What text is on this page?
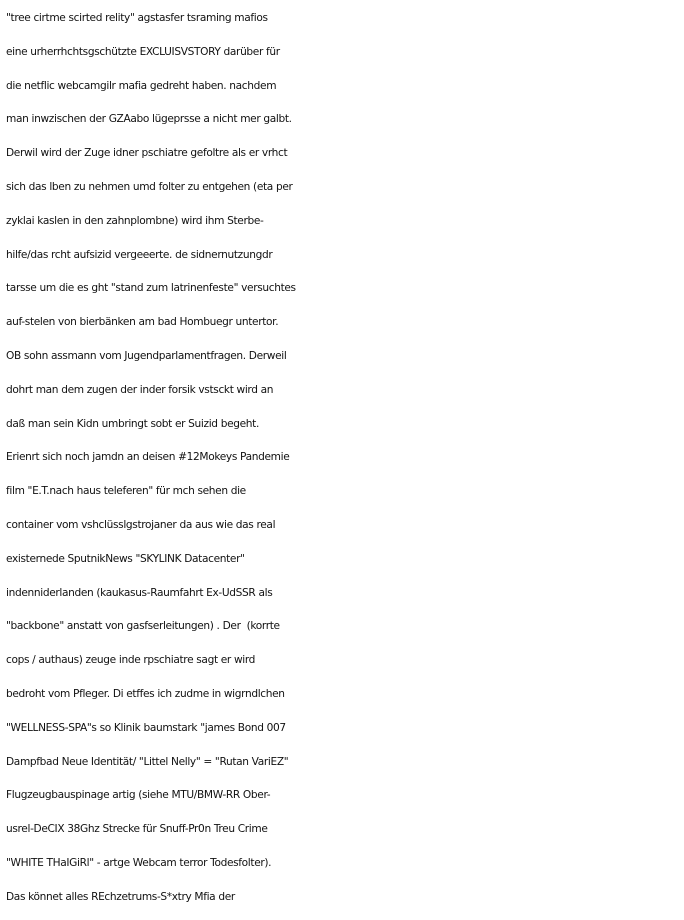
"tree cirtme scirted relity" agstasfer tsraming mafios
eine urherrhchtsgschützte EXCLUISVSTORY darüber für
die netflic webcamgilr mafia gedreht haben. nachdem
man inwzischen der GZAabo lügeprsse a nicht mer galbt.
Derwil wird der Zuge idner pschiatre gefoltre als er vrhct
sich das lben zu nehmen umd folter zu entgehen (eta per
zyklai kaslen in den zahnplombne) wird ihm Sterbe-
hilfe/das rcht aufsizid vergeeerte. de sidnernutzungdr
tarsse um die es ght "stand zum latrinenfeste" versuchtes
auf-stelen von bierbänken am bad Hombuegr untertor.
OB sohn assmann vom Jugendparlamentfragen. Derweil
dohrt man dem zugen der inder forsik vstsckt wird an
daß man sein Kidn umbringt sobt er Suizid begeht.
Erienrt sich noch jamdn an deisen #12Mokeys Pandemie
film "E.T.nach haus teleferen" für mch sehen die
container vom vshclüsslgstrojaner da aus wie das real
existernede SputnikNews "SKYLINK Datacenter"
indenniderlanden (kaukasus-Raumfahrt Ex-UdSSR als
"backbone" anstatt von gasfserleitungen) . Der  (korrte
cops / authaus) zeuge inde rpschiatre sagt er wird
bedroht vom Pfleger. Di etffes ich zudme in wigrndlchen
"WELLNESS-SPA"s so Klinik baumstark "james Bond 007
Dampfbad Neue Identität/ "Littel Nelly" = "Rutan VariEZ"
Flugzeugbauspinage artig (siehe MTU/BMW-RR Ober-
usrel-DeCIX 38Ghz Strecke für Snuff-Pr0n Treu Crime
"WHITE THaIGiRl" - artge Webcam terror Todesfolter).
Das könnet alles REchzetrums-S*xtry Mfia der
